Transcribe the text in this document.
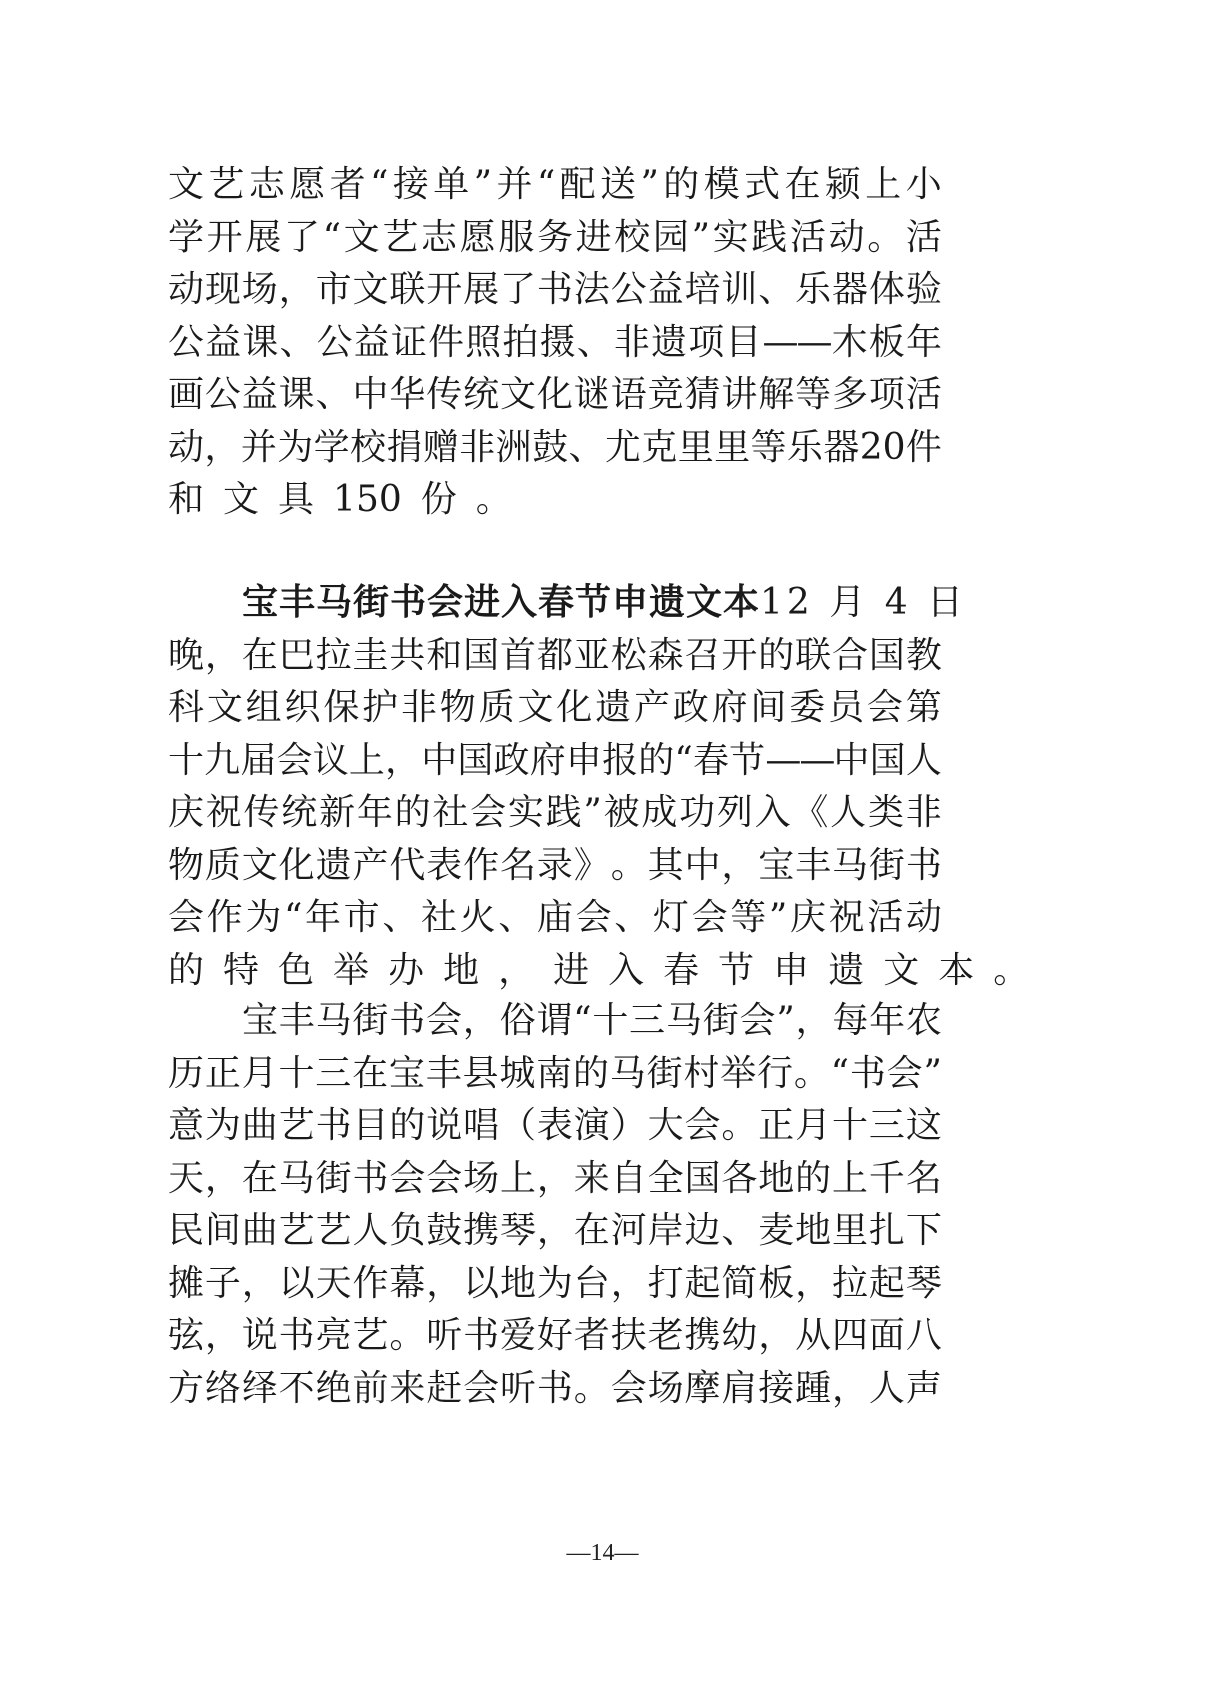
文 艺 志 愿 者 “ 接 单 ” 并 “ 配 送 ” 的 模 式 在 颍 上 小
学 开 展 了 “ 文 艺 志 愿 服 务 进 校 园 ” 实 践 活 动 。 活
动 现 场 ， 市 文 联 开 展 了 书 法 公 益 培 训 、 乐 器 体 验
公 益 课 、 公 益 证 件 照 拍 摄 、 非 遗 项 目 —— 木 板 年
画 公 益 课 、 中 华 传 统 文 化 谜 语 竞 猜 讲 解 等 多 项 活
动 ， 并 为 学 校 捐 赠 非 洲 鼓 、 尤 克 里 里 等 乐 器 20 件
和 文 具 150 份 。
宝丰马街书会进入春节申遗文本 12 月 4 日
晚 ， 在 巴 拉 圭 共 和 国 首 都 亚 松 森 召 开 的 联 合 国 教
科 文 组 织 保 护 非 物 质 文 化 遗 产 政 府 间 委 员 会 第
十 九 届 会 议 上 ， 中 国 政 府 申 报 的 “ 春 节 —— 中 国 人
庆 祝 传 统 新 年 的 社 会 实 践 ” 被 成 功 列 入 《 人 类 非
物 质 文 化 遗 产 代 表 作 名 录 》 。 其 中 ， 宝 丰 马 街 书
会 作 为 “ 年 市 、 社 火 、 庙 会 、 灯 会 等 ” 庆 祝 活 动
的 特 色 举 办 地 ， 进 入 春 节 申 遗 文 本 。
宝 丰 马 街 书 会 ， 俗 谓 “ 十 三 马 街 会 ” ， 每 年 农
历 正 月 十 三 在 宝 丰 县 城 南 的 马 街 村 举 行 。 “ 书 会 ”
意 为 曲 艺 书 目 的 说 唱 （ 表 演 ） 大 会 。 正 月 十 三 这
天 ， 在 马 街 书 会 会 场 上 ， 来 自 全 国 各 地 的 上 千 名
民 间 曲 艺 艺 人 负 鼓 携 琴 ， 在 河 岸 边 、 麦 地 里 扎 下
摊 子 ， 以 天 作 幕 ， 以 地 为 台 ， 打 起 简 板 ， 拉 起 琴
弦 ， 说 书 亮 艺 。 听 书 爱 好 者 扶 老 携 幼 ， 从 四 面 八
方 络 绎 不 绝 前 来 赶 会 听 书 。 会 场 摩 肩 接 踵 ， 人 声
—14—
